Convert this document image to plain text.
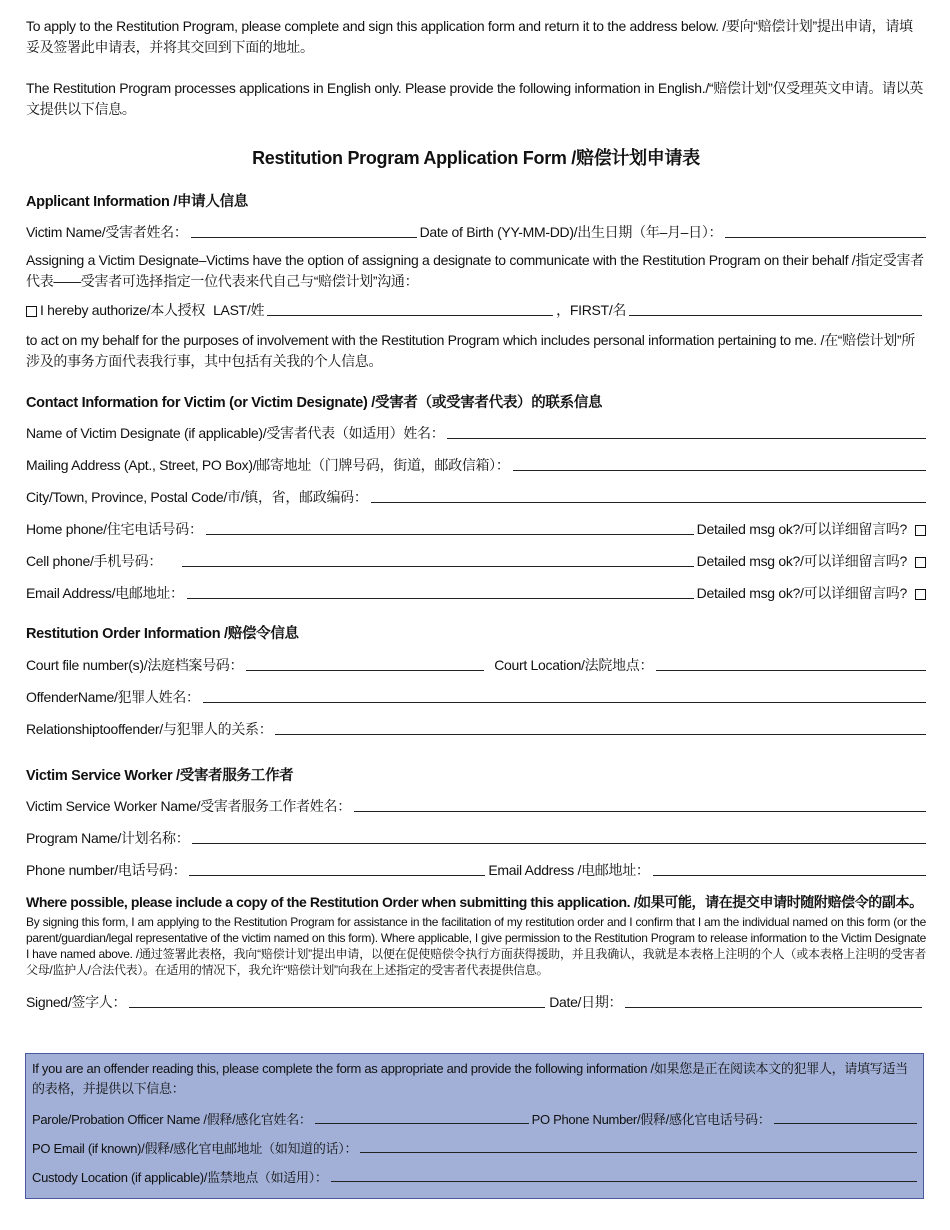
To apply to the Restitution Program, please complete and sign this application form and return it to the address below. /要向“赔偿计划”提出申请，请填妥及签署此申请表，并将其交回到下面的地址。

The Restitution Program processes applications in English only. Please provide the following information in English./“赔偿计划”仅受理英文申请。请以英文提供以下信息。

Restitution Program Application Form /赔偿计划申请表
Applicant Information /申请人信息
Victim Name/受害者姓名：	Date of Birth (YY-MM-DD)/出生日期（年–月–日）：

Assigning a Victim Designate–Victims have the option of assigning a designate to communicate with the Restitution Program on their behalf /指定受害者代表——受害者可选择指定一位代表来代自己与“赔偿计划”沟通：

I hereby authorize/本人授权 LAST/姓	，FIRST/名

to act on my behalf for the purposes of involvement with the Restitution Program which includes personal information pertaining to me. /在“赔偿计划”所涉及的事务方面代表我行事，其中包括有关我的个人信息。

Contact Information for Victim (or Victim Designate) /受害者（或受害者代表）的联系信息
Name of Victim Designate (if applicable)/受害者代表（如适用）姓名：
Mailing Address (Apt., Street, PO Box)/邮寄地址（门牌号码，街道，邮政信箱）：
City/Town, Province, Postal Code/市/镇，省，邮政编码：
Home phone/住宅电话号码：	Detailed msg ok?/可以详细留言吗?
Cell phone/手机号码：	Detailed msg ok?/可以详细留言吗?
Email Address/电邮地址：	Detailed msg ok?/可以详细留言吗?
Restitution Order Information /赔偿令信息
Court file number(s)/法庭档案号码：	Court Location/法院地点：
OffenderName/犯罪人姓名：
Relationshiptooffender/与犯罪人的关系：
Victim Service Worker /受害者服务工作者
Victim Service Worker Name/受害者服务工作者姓名：
Program Name/计划名称：
Phone number/电话号码：	Email Address /电邮地址：
Where possible, please include a copy of the Restitution Order when submitting this application. /如果可能，请在提交申请时随附赔偿令的副本。

By signing this form, I am applying to the Restitution Program for assistance in the facilitation of my restitution order and I confirm that I am the individual named on this form (or the parent/guardian/legal representative of the victim named on this form). Where applicable, I give permission to the Restitution Program to release information to the Victim Designate I have named above. /通过签署此表格，我向“赔偿计划”提出申请，以便在促使赔偿令执行方面获得援助，并且我确认，我就是本表格上注明的个人（或本表格上注明的受害者父母/监护人/合法代表）。在适用的情况下，我允许“赔偿计划”向我在上述指定的受害者代表提供信息。

Signed/签字人：	Date/日期：

If you are an offender reading this, please complete the form as appropriate and provide the following information /如果您是正在阅读本文的犯罪人，请填写适当的表格，并提供以下信息：

Parole/Probation Officer Name /假释/感化官姓名：	PO Phone Number/假释/感化官电话号码：
PO Email (if known)/假释/感化官电邮地址（如知道的话）：
Custody Location (if applicable)/监禁地点（如适用）：
